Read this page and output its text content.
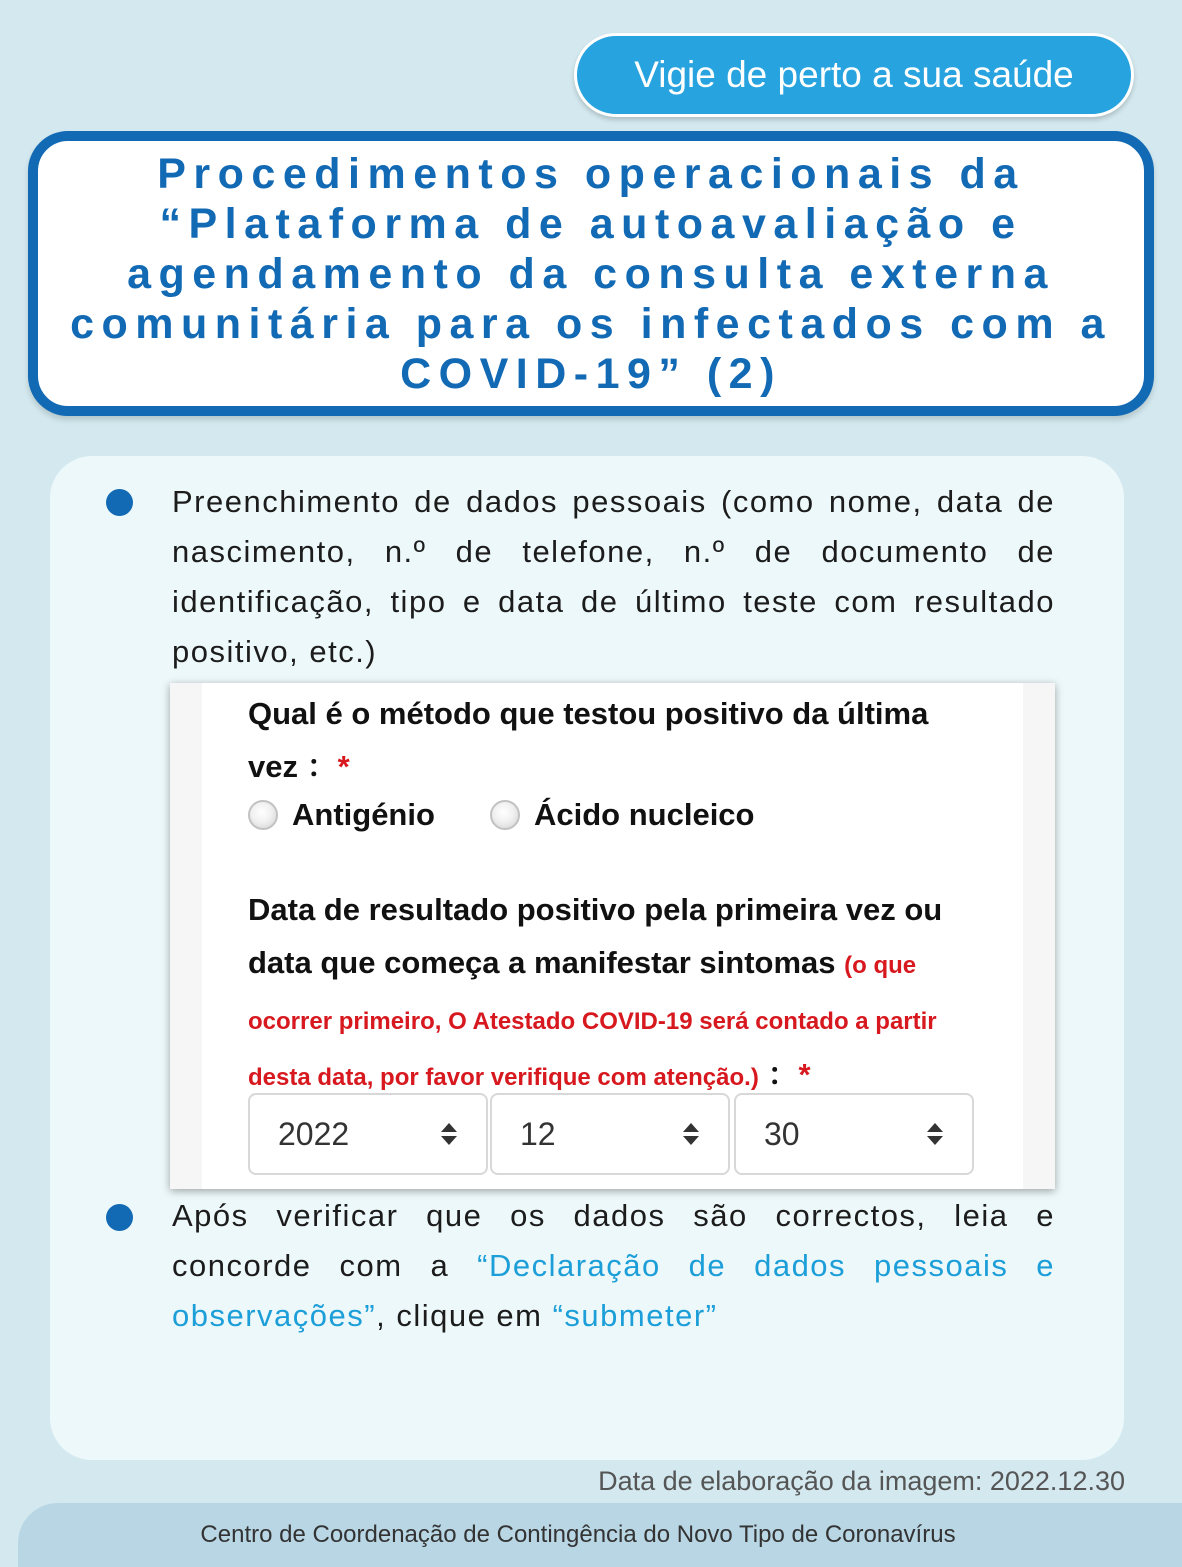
Vigie de perto a sua saúde
Procedimentos operacionais da “Plataforma de autoavaliação e agendamento da consulta externa comunitária para os infectados com a COVID-19” (2)

Preenchimento de dados pessoais (como nome, data de nascimento, n.º de telefone, n.º de documento de identificação, tipo e data de último teste com resultado positivo, etc.)

Qual é o método que testou positivo da última vez ：*

Antigénio	Ácido nucleico

Data de resultado positivo pela primeira vez ou data que começa a manifestar sintomas (o que ocorrer primeiro, O Atestado COVID-19 será contado a partir desta data, por favor verifique com atenção.) ：*

2022	12	30

Após verificar que os dados são correctos, leia e concorde com a “Declaração de dados pessoais e observações”, clique em “submeter”

Data de elaboração da imagem: 2022.12.30
Centro de Coordenação de Contingência do Novo Tipo de Coronavírus
